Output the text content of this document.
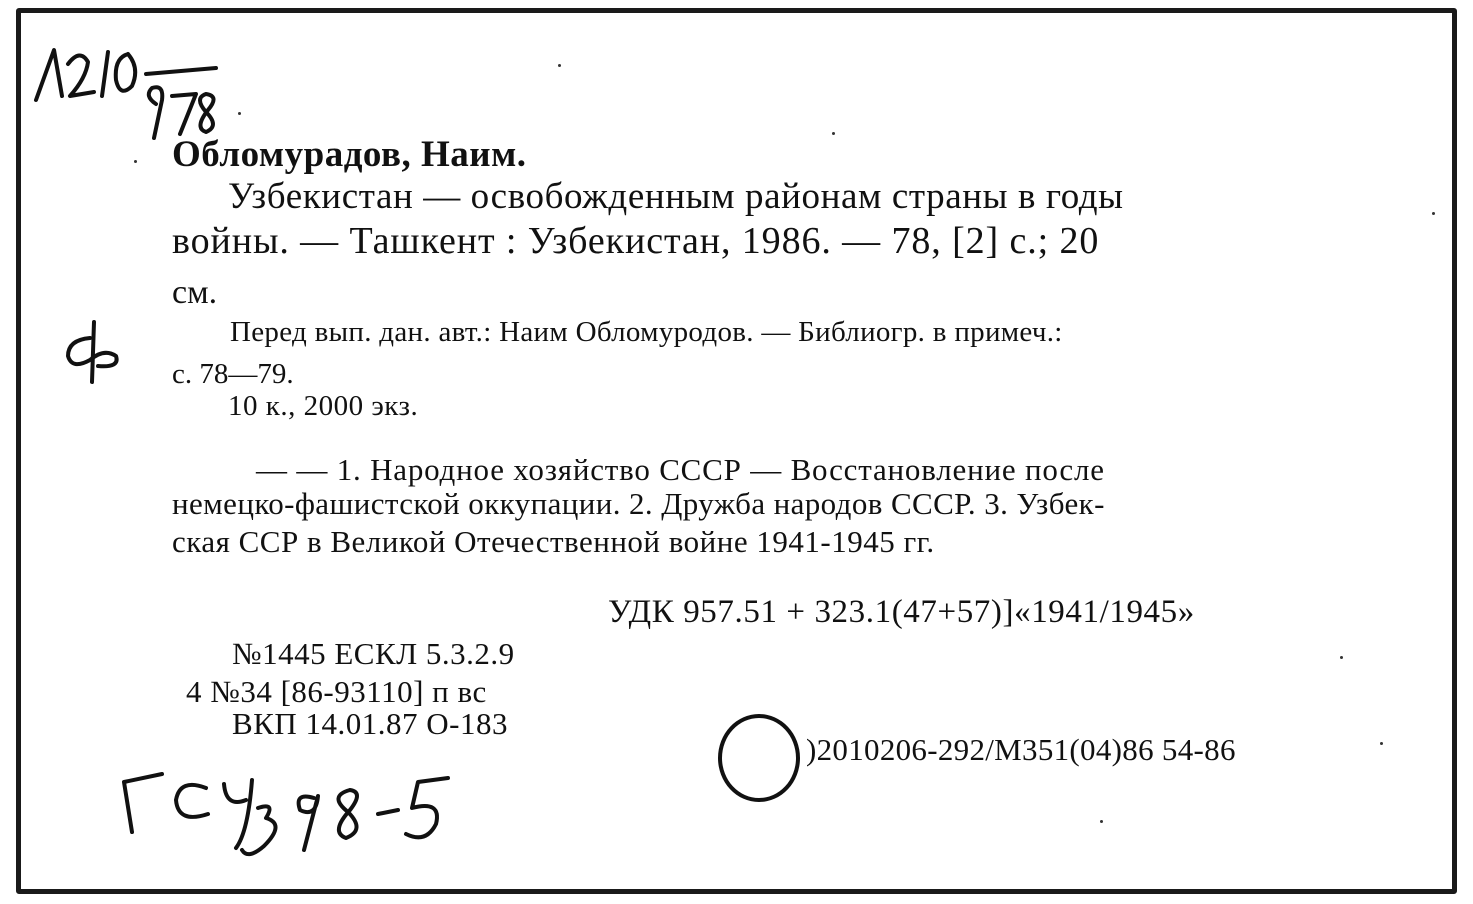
Обломурадов, Наим.
Узбекистан — освобожденным районам страны в годы
войны. — Ташкент : Узбекистан, 1986. — 78, [2] с.; 20
см.
Перед вып. дан. авт.: Наим Обломуродов. — Библиогр. в примеч.:
с. 78—79.
10 к., 2000 экз.
— — 1. Народное хозяйство СССР — Восстановление после
немецко-фашистской оккупации. 2. Дружба народов СССР. 3. Узбек-
ская ССР в Великой Отечественной войне 1941-1945 гг.
УДК 957.51 + 323.1(47+57)]«1941/1945»
№1445 ЕСКЛ 5.3.2.9
4 №34 [86-93110] п вс
ВКП 14.01.87 О-183
)2010206-292/М351(04)86 54-86
